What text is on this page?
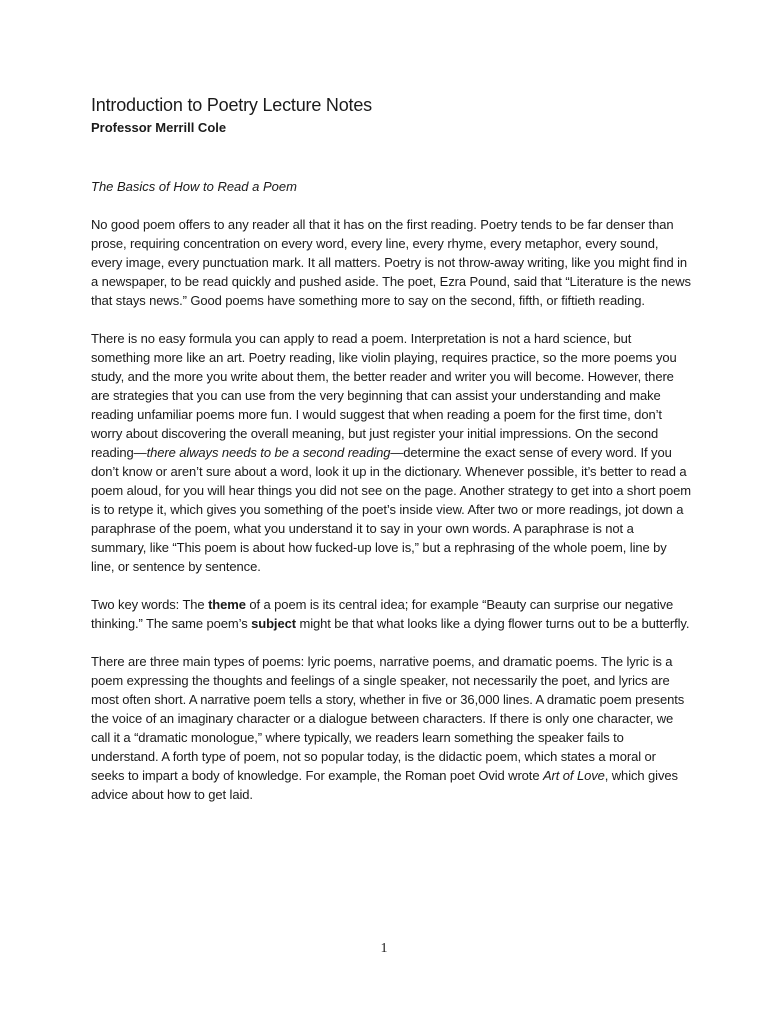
Introduction to Poetry Lecture Notes
Professor Merrill Cole
The Basics of How to Read a Poem

No good poem offers to any reader all that it has on the first reading. Poetry tends to be far denser than prose, requiring concentration on every word, every line, every rhyme, every metaphor, every sound, every image, every punctuation mark. It all matters. Poetry is not throw-away writing, like you might find in a newspaper, to be read quickly and pushed aside. The poet, Ezra Pound, said that “Literature is the news that stays news.” Good poems have something more to say on the second, fifth, or fiftieth reading.

There is no easy formula you can apply to read a poem. Interpretation is not a hard science, but something more like an art. Poetry reading, like violin playing, requires practice, so the more poems you study, and the more you write about them, the better reader and writer you will become. However, there are strategies that you can use from the very beginning that can assist your understanding and make reading unfamiliar poems more fun. I would suggest that when reading a poem for the first time, don’t worry about discovering the overall meaning, but just register your initial impressions. On the second reading—there always needs to be a second reading—determine the exact sense of every word. If you don’t know or aren’t sure about a word, look it up in the dictionary. Whenever possible, it’s better to read a poem aloud, for you will hear things you did not see on the page. Another strategy to get into a short poem is to retype it, which gives you something of the poet’s inside view. After two or more readings, jot down a paraphrase of the poem, what you understand it to say in your own words. A paraphrase is not a summary, like “This poem is about how fucked-up love is,” but a rephrasing of the whole poem, line by line, or sentence by sentence.

Two key words: The theme of a poem is its central idea; for example “Beauty can surprise our negative thinking.” The same poem’s subject might be that what looks like a dying flower turns out to be a butterfly.

There are three main types of poems: lyric poems, narrative poems, and dramatic poems. The lyric is a poem expressing the thoughts and feelings of a single speaker, not necessarily the poet, and lyrics are most often short. A narrative poem tells a story, whether in five or 36,000 lines. A dramatic poem presents the voice of an imaginary character or a dialogue between characters. If there is only one character, we call it a “dramatic monologue,” where typically, we readers learn something the speaker fails to understand. A forth type of poem, not so popular today, is the didactic poem, which states a moral or seeks to impart a body of knowledge. For example, the Roman poet Ovid wrote Art of Love, which gives advice about how to get laid.

1
